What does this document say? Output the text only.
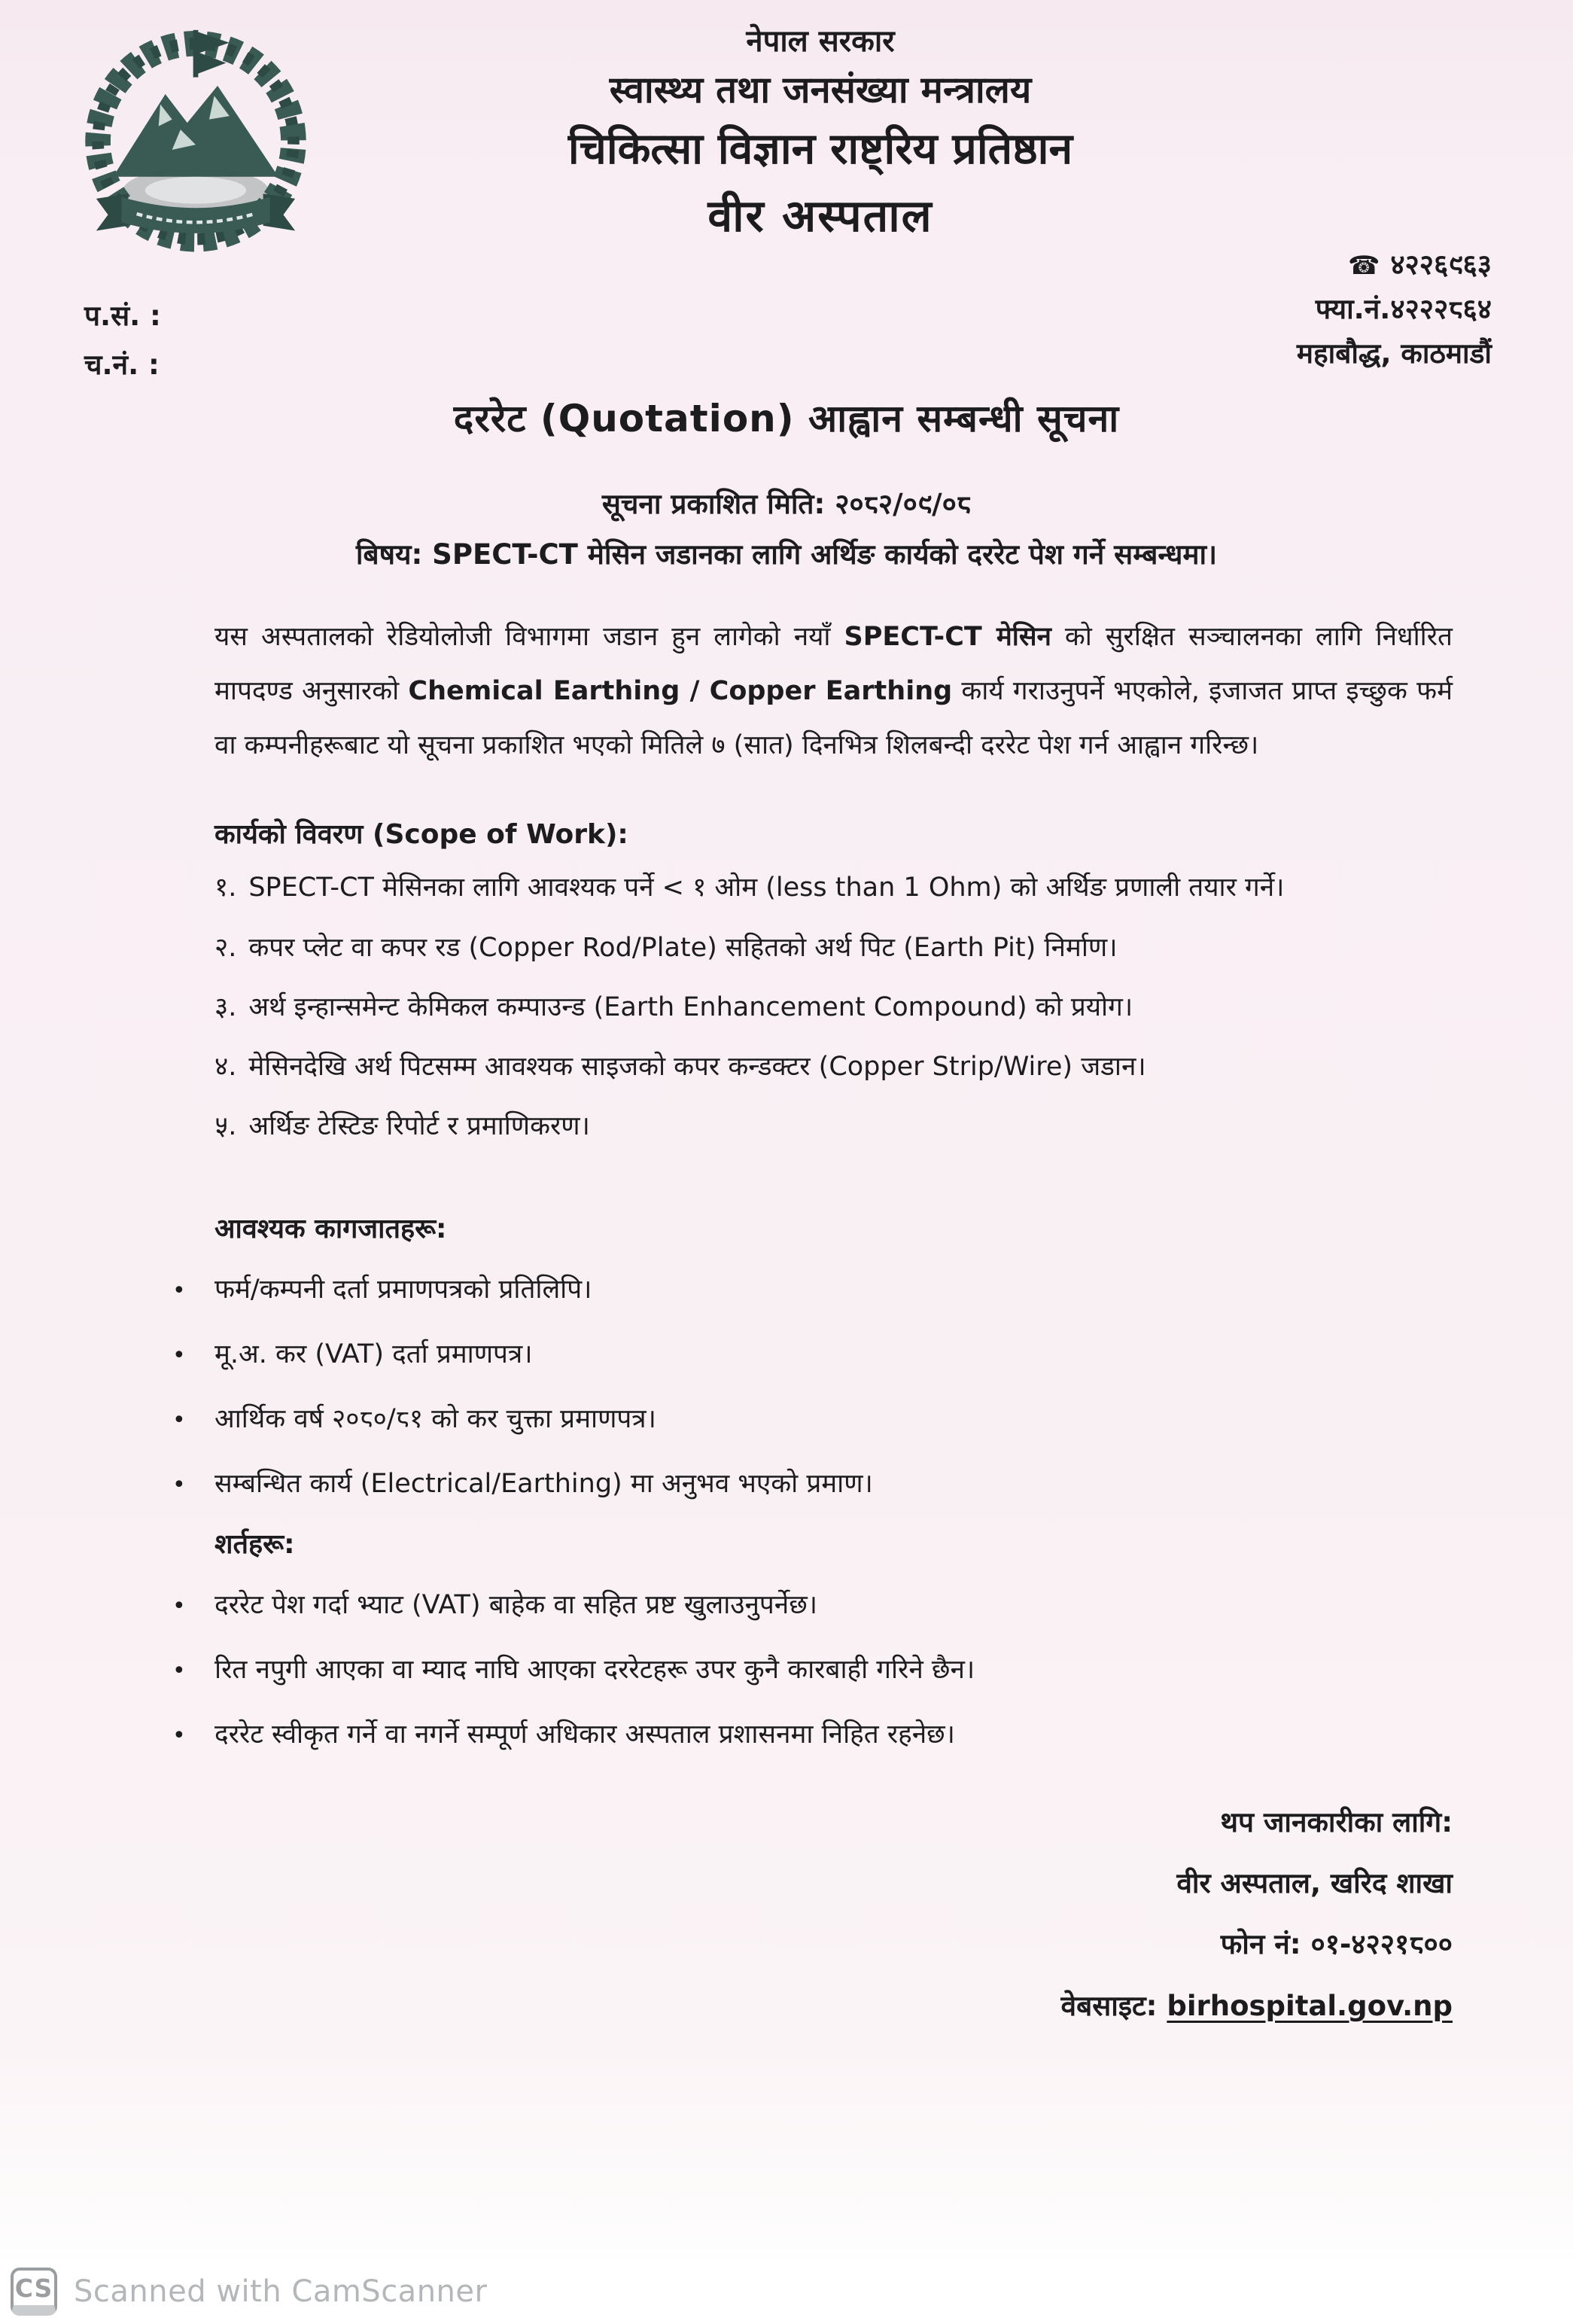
नेपाल सरकार
स्वास्थ्य तथा जनसंख्या मन्त्रालय
चिकित्सा विज्ञान राष्ट्रिय प्रतिष्ठान
वीर अस्पताल
☎ ४२२६९६३
फ्या.नं.४२२२८६४
महाबौद्ध, काठमाडौं
प.सं. :
च.नं. :
दररेट (Quotation) आह्वान सम्बन्धी सूचना
सूचना प्रकाशित मिति: २०८२/०९/०८
बिषय: SPECT-CT मेसिन जडानका लागि अर्थिङ कार्यको दररेट पेश गर्ने सम्बन्धमा।

यस अस्पतालको रेडियोलोजी विभागमा जडान हुन लागेको नयाँ SPECT-CT मेसिन को सुरक्षित सञ्चालनका लागि निर्धारित मापदण्ड अनुसारको Chemical Earthing / Copper Earthing कार्य गराउनुपर्ने भएकोले, इजाजत प्राप्त इच्छुक फर्म वा कम्पनीहरूबाट यो सूचना प्रकाशित भएको मितिले ७ (सात) दिनभित्र शिलबन्दी दररेट पेश गर्न आह्वान गरिन्छ।

कार्यको विवरण (Scope of Work):
१. SPECT-CT मेसिनका लागि आवश्यक पर्ने < १ ओम (less than 1 Ohm) को अर्थिङ प्रणाली तयार गर्ने।
२. कपर प्लेट वा कपर रड (Copper Rod/Plate) सहितको अर्थ पिट (Earth Pit) निर्माण।
३. अर्थ इन्हान्समेन्ट केमिकल कम्पाउन्ड (Earth Enhancement Compound) को प्रयोग।
४. मेसिनदेखि अर्थ पिटसम्म आवश्यक साइजको कपर कन्डक्टर (Copper Strip/Wire) जडान।
५. अर्थिङ टेस्टिङ रिपोर्ट र प्रमाणिकरण।
आवश्यक कागजातहरू:
• फर्म/कम्पनी दर्ता प्रमाणपत्रको प्रतिलिपि।
• मू.अ. कर (VAT) दर्ता प्रमाणपत्र।
• आर्थिक वर्ष २०८०/८१ को कर चुक्ता प्रमाणपत्र।
• सम्बन्धित कार्य (Electrical/Earthing) मा अनुभव भएको प्रमाण।
शर्तहरू:
• दररेट पेश गर्दा भ्याट (VAT) बाहेक वा सहित प्रष्ट खुलाउनुपर्नेछ।
• रित नपुगी आएका वा म्याद नाघि आएका दररेटहरू उपर कुनै कारबाही गरिने छैन।
• दररेट स्वीकृत गर्ने वा नगर्ने सम्पूर्ण अधिकार अस्पताल प्रशासनमा निहित रहनेछ।
थप जानकारीका लागि:
वीर अस्पताल, खरिद शाखा
फोन नं: ०१-४२२१८००
वेबसाइट: birhospital.gov.np
CS Scanned with CamScanner
